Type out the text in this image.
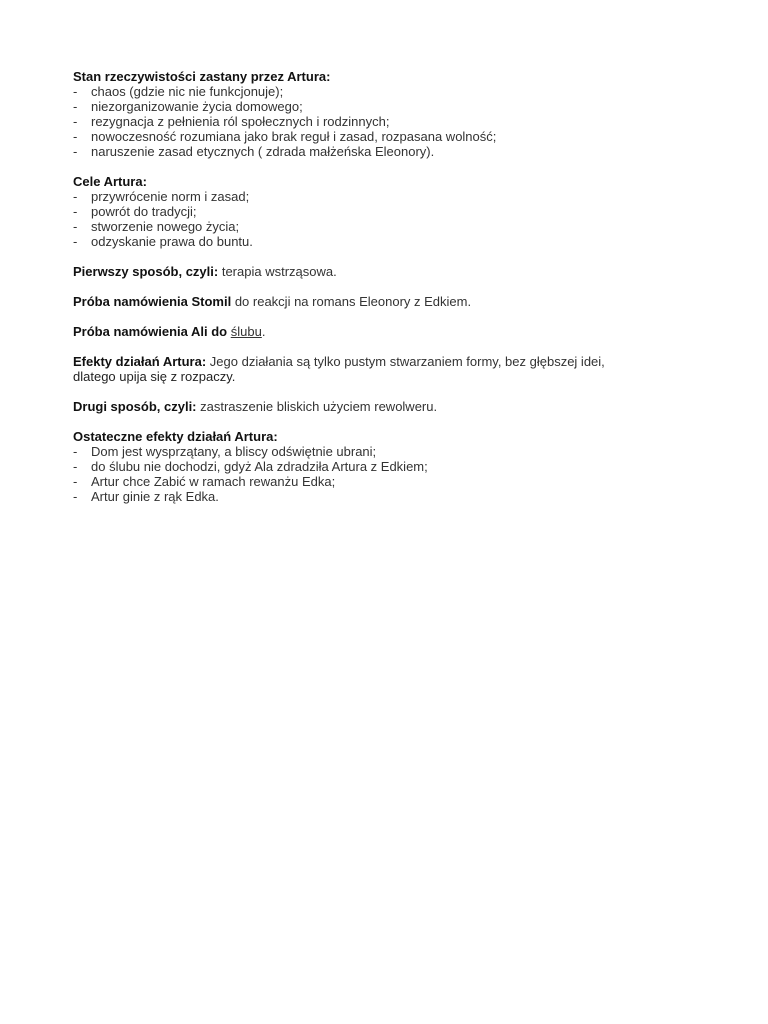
Stan rzeczywistości zastany przez Artura:
- chaos (gdzie nic nie funkcjonuje);
- niezorganizowanie życia domowego;
- rezygnacja z pełnienia ról społecznych i rodzinnych;
- nowoczesność rozumiana jako brak reguł i zasad, rozpasana wolność;
- naruszenie zasad etycznych ( zdrada małżeńska Eleonory).
Cele Artura:
- przywrócenie norm i zasad;
- powrót do tradycji;
- stworzenie nowego życia;
- odzyskanie prawa do buntu.
Pierwszy sposób, czyli: terapia wstrząsowa.
Próba namówienia Stomil do reakcji na romans Eleonory z Edkiem.
Próba namówienia Ali do ślubu.
Efekty działań Artura: Jego działania są tylko pustym stwarzaniem formy, bez głębszej idei,
dlatego upija się z rozpaczy.
Drugi sposób, czyli: zastraszenie bliskich użyciem rewolweru.
Ostateczne efekty działań Artura:
- Dom jest wysprzątany, a bliscy odświętnie ubrani;
- do ślubu nie dochodzi, gdyż Ala zdradziła Artura z Edkiem;
- Artur chce Zabić w ramach rewanżu Edka;
- Artur ginie z rąk Edka.
